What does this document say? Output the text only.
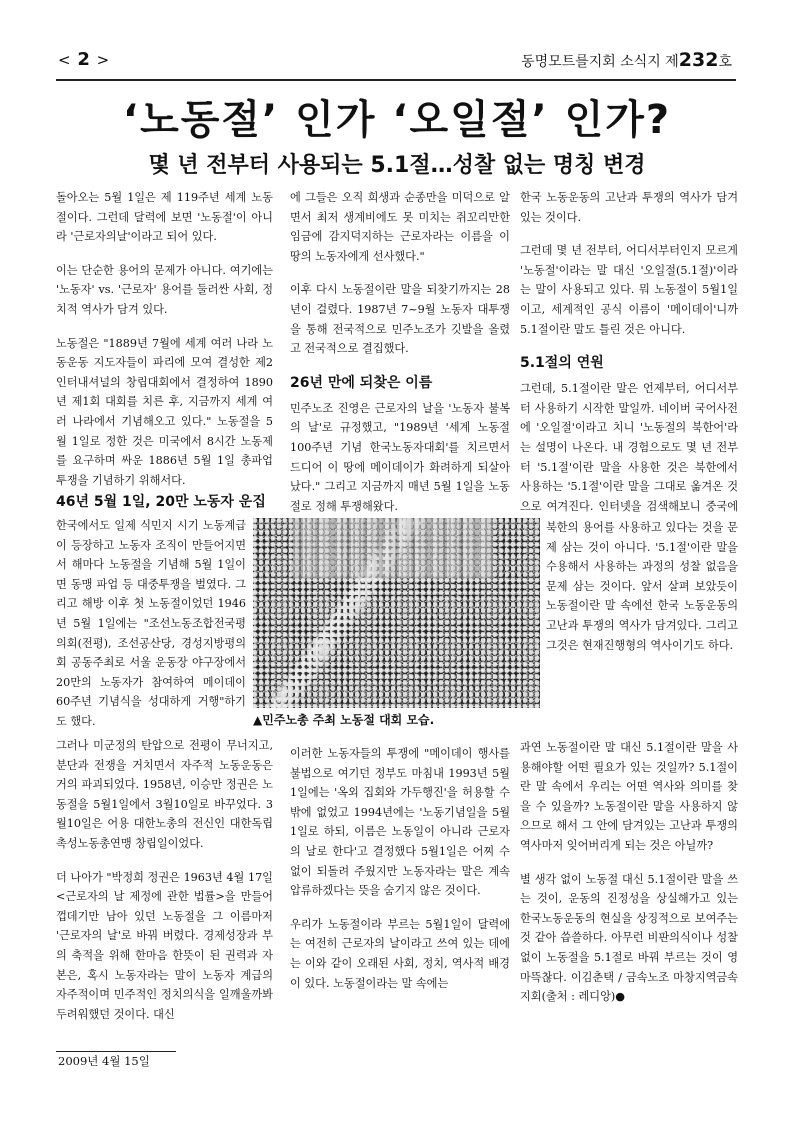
< 2 >	동명모트를지회 소식지 제232호
‘노동절’ 인가 ‘오일절’ 인가?
몇 년 전부터 사용되는 5.1절…성찰 없는 명칭 변경

돌아오는 5월 1일은 제 119주년 세계 노동절이다. 그런데 달력에 보면 '노동절'이 아니라 '근로자의날'이라고 되어 있다.

이는 단순한 용어의 문제가 아니다. 여기에는 '노동자' vs. '근로자' 용어를 둘러싼 사회, 정치적 역사가 담겨 있다.

노동절은 "1889년 7월에 세계 여러 나라 노동운동 지도자들이 파리에 모여 결성한 제2인터내셔널의 창립대회에서 결정하여 1890년 제1회 대회를 치른 후, 지금까지 세계 여러 나라에서 기념해오고 있다." 노동절을 5월 1일로 정한 것은 미국에서 8시간 노동제를 요구하며 싸운 1886년 5월 1일 총파업 투쟁을 기념하기 위해서다.

46년 5월 1일, 20만 노동자 운집

한국에서도 일제 식민지 시기 노동계급이 등장하고 노동자 조직이 만들어지면서 해마다 노동절을 기념해 5월 1일이면 동맹 파업 등 대중투쟁을 벌였다. 그리고 해방 이후 첫 노동절이었던 1946년 5월 1일에는 "조선노동조합전국평의회(전평), 조선공산당, 경성지방평의회 공동주최로 서울 운동장 야구장에서 20만의 노동자가 참여하여 메이데이 60주년 기념식을 성대하게 거행"하기도 했다.

그러나 미군정의 탄압으로 전평이 무너지고, 분단과 전쟁을 거치면서 자주적 노동운동은 거의 파괴되었다. 1958년, 이승만 정권은 노동절을 5월1일에서 3월10일로 바꾸었다. 3월10일은 어용 대한노총의 전신인 대한독립촉성노동총연맹 창립일이었다.

더 나아가 "박정희 정권은 1963년 4월 17일 <근로자의 날 제정에 관한 법률>을 만들어 껍데기만 남아 있던 노동절을 그 이름마저 '근로자의 날'로 바꿔 버렸다. 경제성장과 부의 축적을 위해 한마음 한뜻이 된 권력과 자본은, 혹시 노동자라는 말이 노동자 계급의 자주적이며 민주적인 정치의식을 일깨울까봐 두려워했던 것이다. 대신

에 그들은 오직 희생과 순종만을 미덕으로 알면서 최저 생계비에도 못 미치는 쥐꼬리만한 임금에 감지덕지하는 근로자라는 이름을 이 땅의 노동자에게 선사했다."

이후 다시 노동절이란 말을 되찾기까지는 28년이 걸렸다. 1987년 7~9월 노동자 대투쟁을 통해 전국적으로 민주노조가 깃발을 올렸고 전국적으로 결집했다.

26년 만에 되찾은 이름

민주노조 진영은 근로자의 날을 '노동자 불복의 날'로 규정했고, "1989년 '세계 노동절 100주년 기념 한국노동자대회'를 치르면서 드디어 이 땅에 메이데이가 화려하게 되살아났다." 그리고 지금까지 매년 5월 1일을 노동절로 정해 투쟁해왔다.

이러한 노동자들의 투쟁에 "메이데이 행사를 불법으로 여기던 정부도 마침내 1993년 5월1일에는 '옥외 집회와 가두행진'을 허용할 수밖에 없었고 1994년에는 '노동기념일을 5월1일로 하되, 이름은 노동일이 아니라 근로자의 날로 한다'고 결정했다 5월1일은 어찌 수 없이 되돌려 주웠지만 노동자라는 말은 계속 압류하겠다는 뜻을 숨기지 않은 것이다.

우리가 노동절이라 부르는 5월1일이 달력에는 여전히 근로자의 날이라고 쓰여 있는 데에는 이와 같이 오래된 사회, 정치, 역사적 배경이 있다. 노동절이라는 말 속에는

한국 노동운동의 고난과 투쟁의 역사가 담겨 있는 것이다.

그런데 몇 년 전부터, 어디서부터인지 모르게 '노동절'이라는 말 대신 '오일절(5.1절)'이라는 말이 사용되고 있다. 뭐 노동절이 5월1일이고, 세계적인 공식 이름이 '메이데이'니까 5.1절이란 말도 틀린 것은 아니다.

5.1절의 연원

그런데, 5.1절이란 말은 언제부터, 어디서부터 사용하기 시작한 말일까. 네이버 국어사전에 '오일절'이라고 치니 '노동절의 북한어'라는 설명이 나온다. 내 경험으로도 몇 년 전부터 '5.1절'이란 말을 사용한 것은 북한에서 사용하는 '5.1절'이란 말을 그대로 옮겨온 것으로 여겨진다. 인터넷을 검색해보니 중국에

북한의 용어를 사용하고 있다는 것을 문제 삼는 것이 아니다. '5.1절'이란 말을 수용해서 사용하는 과정의 성찰 없음을 문제 삼는 것이다. 앞서 살펴 보았듯이 노동절이란 말 속에선 한국 노동운동의 고난과 투쟁의 역사가 담겨있다. 그리고 그것은 현재진행형의 역사이기도 하다.

과연 노동절이란 말 대신 5.1절이란 말을 사용해야할 어떤 필요가 있는 것일까? 5.1절이란 말 속에서 우리는 어떤 역사와 의미를 찾을 수 있을까? 노동절이란 말을 사용하지 않으므로 해서 그 안에 담겨있는 고난과 투쟁의 역사마저 잊어버리게 되는 것은 아닐까?

별 생각 없이 노동절 대신 5.1절이란 말을 쓰는 것이, 운동의 진정성을 상실해가고 있는 한국노동운동의 현실을 상징적으로 보여주는 것 같아 씁쓸하다. 아무런 비판의식이나 성찰 없이 노동절을 5.1절로 바꿔 부르는 것이 영 마뜩찮다. 이김춘택 / 금속노조 마창지역금속지회(출처 : 레디앙)●

▲민주노총 주최 노동절 대회 모습.
2009년 4월 15일
